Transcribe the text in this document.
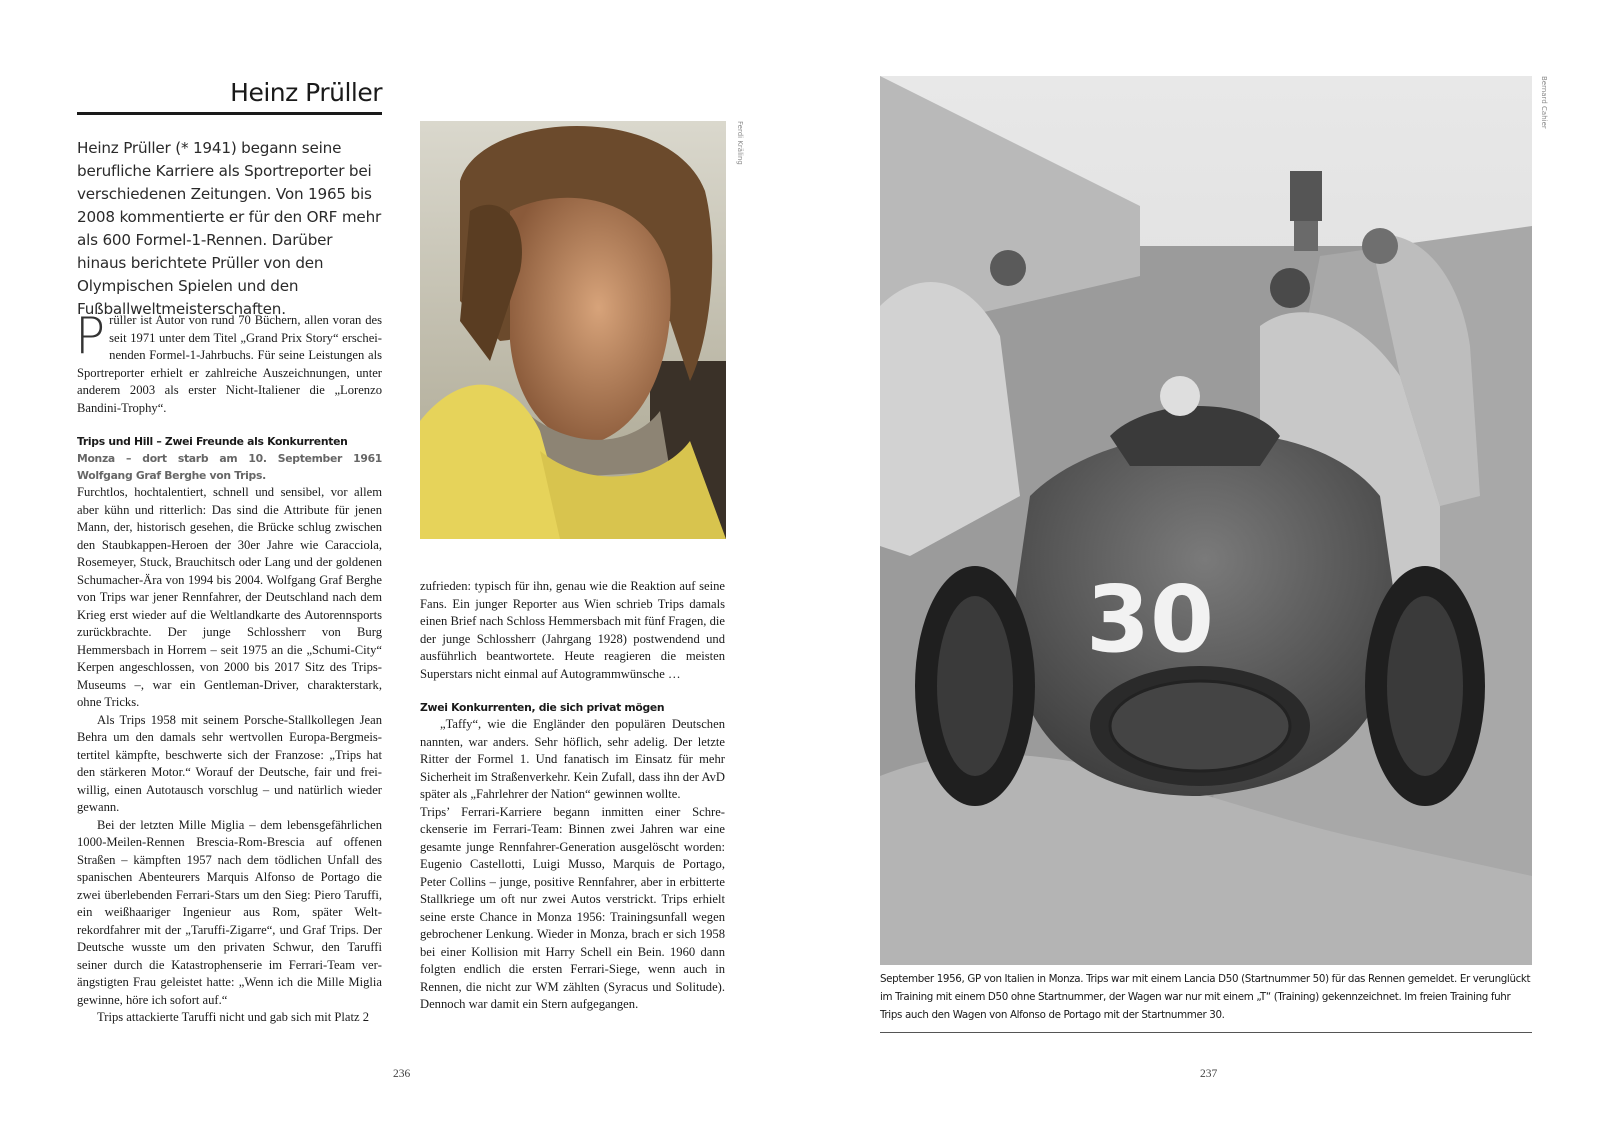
Heinz Prüller
Heinz Prüller (* 1941) begann seine berufliche Karriere als Sportreporter bei verschiedenen Zeitungen. Von 1965 bis 2008 kommentierte er für den ORF mehr als 600 Formel-1-Rennen. Darüber hinaus berichtete Prüller von den Olympischen Spielen und den Fußballweltmeisterschaften.

Prüller ist Autor von rund 70 Büchern, allen voran des seit 1971 unter dem Titel „Grand Prix Story“ erscheinenden Formel-1-Jahrbuchs. Für seine Leistungen als Sportreporter erhielt er zahlreiche Auszeichnungen, unter anderem 2003 als erster Nicht-Italiener die „Lorenzo Bandini-Trophy“.

Trips und Hill – Zwei Freunde als Konkurrenten
Monza – dort starb am 10. September 1961 Wolfgang Graf Berghe von Trips.

Furchtlos, hochtalentiert, schnell und sensibel, vor allem aber kühn und ritterlich: Das sind die Attribute für jenen Mann, der, historisch gesehen, die Brücke schlug zwischen den Staubkappen-Heroen der 30er Jahre wie Caracciola, Rosemeyer, Stuck, Brauchitsch oder Lang und der goldenen Schumacher-Ära von 1994 bis 2004. Wolfgang Graf Berghe von Trips war jener Rennfahrer, der Deutschland nach dem Krieg erst wieder auf die Weltlandkarte des Autorennsports zurückbrachte. Der junge Schlossherr von Burg Hemmersbach in Horrem – seit 1975 an die „Schumi-City“ Kerpen angeschlossen, von 2000 bis 2017 Sitz des Trips-Museums –, war ein Gentleman-Driver, charakterstark, ohne Tricks.

Als Trips 1958 mit seinem Porsche-Stallkollegen Jean Behra um den damals sehr wertvollen Europa-Bergmeistertitel kämpfte, beschwerte sich der Franzose: „Trips hat den stärkeren Motor.“ Worauf der Deutsche, fair und freiwillig, einen Autotausch vorschlug – und natürlich wieder gewann.

Bei der letzten Mille Miglia – dem lebensgefährlichen 1000-Meilen-Rennen Brescia-Rom-Brescia auf offenen Straßen – kämpften 1957 nach dem tödlichen Unfall des spanischen Abenteurers Marquis Alfonso de Portago die zwei überlebenden Ferrari-Stars um den Sieg: Piero Taruffi, ein weißhaariger Ingenieur aus Rom, später Weltrekordfahrer mit der „Taruffi-Zigarre“, und Graf Trips. Der Deutsche wusste um den privaten Schwur, den Taruffi seiner durch die Katastrophenserie im Ferrari-Team verängstigten Frau geleistet hatte: „Wenn ich die Mille Miglia gewinne, höre ich sofort auf.“

Trips attackierte Taruffi nicht und gab sich mit Platz 2

Ferdi Kräling

zufrieden: typisch für ihn, genau wie die Reaktion auf seine Fans. Ein junger Reporter aus Wien schrieb Trips damals einen Brief nach Schloss Hemmersbach mit fünf Fragen, die der junge Schlossherr (Jahrgang 1928) postwendend und ausführlich beantwortete. Heute reagieren die meisten Superstars nicht einmal auf Autogrammwünsche …

Zwei Konkurrenten, die sich privat mögen

„Taffy“, wie die Engländer den populären Deutschen nannten, war anders. Sehr höflich, sehr adelig. Der letzte Ritter der Formel 1. Und fanatisch im Einsatz für mehr Sicherheit im Straßenverkehr. Kein Zufall, dass ihn der AvD später als „Fahrlehrer der Nation“ gewinnen wollte.

Trips’ Ferrari-Karriere begann inmitten einer Schreckenserie im Ferrari-Team: Binnen zwei Jahren war eine gesamte junge Rennfahrer-Generation ausgelöscht worden: Eugenio Castellotti, Luigi Musso, Marquis de Portago, Peter Collins – junge, positive Rennfahrer, aber in erbitterte Stallkriege um oft nur zwei Autos verstrickt. Trips erhielt seine erste Chance in Monza 1956: Trainingsunfall wegen gebrochener Lenkung. Wieder in Monza, brach er sich 1958 bei einer Kollision mit Harry Schell ein Bein. 1960 dann folgten endlich die ersten Ferrari-Siege, wenn auch in Rennen, die nicht zur WM zählten (Syracus und Solitude). Dennoch war damit ein Stern aufgegangen.

236
30
Bernard Cahier
September 1956, GP von Italien in Monza. Trips war mit einem Lancia D50 (Startnummer 50) für das Rennen gemeldet. Er verunglückt im Training mit einem D50 ohne Startnummer, der Wagen war nur mit einem „T“ (Training) gekennzeichnet. Im freien Training fuhr Trips auch den Wagen von Alfonso de Portago mit der Startnummer 30.
237
